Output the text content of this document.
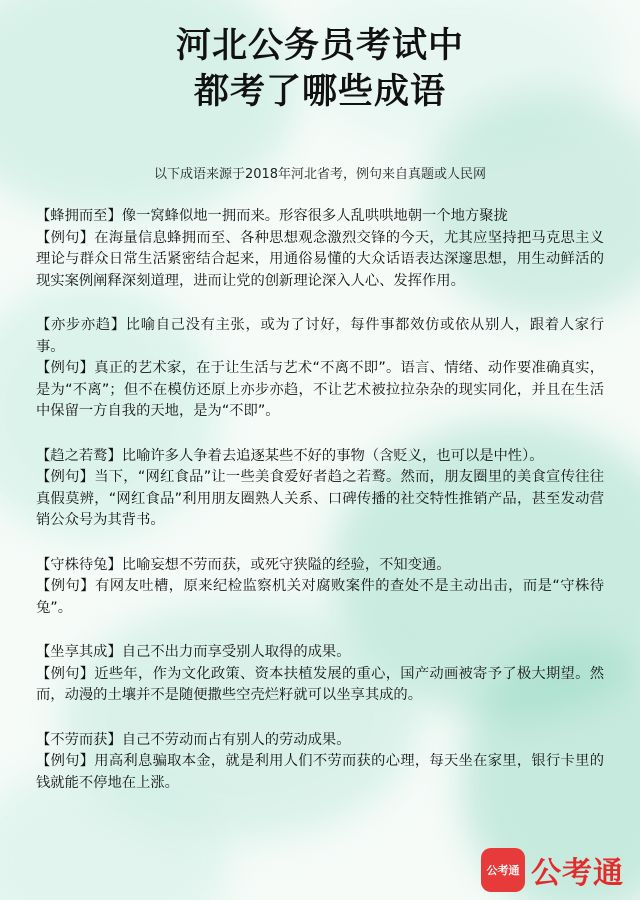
河北公务员考试中
都考了哪些成语
以下成语来源于2018年河北省考，例句来自真题或人民网
【蜂拥而至】像一窝蜂似地一拥而来。形容很多人乱哄哄地朝一个地方聚拢
【例句】在海量信息蜂拥而至、各种思想观念激烈交锋的今天，尤其应坚持把马克思主义理论与群众日常生活紧密结合起来，用通俗易懂的大众话语表达深邃思想，用生动鲜活的现实案例阐释深刻道理，进而让党的创新理论深入人心、发挥作用。
【亦步亦趋】比喻自己没有主张，或为了讨好，每件事都效仿或依从别人，跟着人家行事。
【例句】真正的艺术家，在于让生活与艺术“不离不即”。语言、情绪、动作要准确真实，是为“不离”；但不在模仿还原上亦步亦趋，不让艺术被拉拉杂杂的现实同化，并且在生活中保留一方自我的天地，是为“不即”。
【趋之若鹜】比喻许多人争着去追逐某些不好的事物（含贬义，也可以是中性）。
【例句】当下，“网红食品”让一些美食爱好者趋之若鹜。然而，朋友圈里的美食宣传往往真假莫辨，“网红食品”利用朋友圈熟人关系、口碑传播的社交特性推销产品，甚至发动营销公众号为其背书。
【守株待兔】比喻妄想不劳而获，或死守狭隘的经验，不知变通。
【例句】有网友吐槽，原来纪检监察机关对腐败案件的查处不是主动出击，而是“守株待兔”。
【坐享其成】自己不出力而享受别人取得的成果。
【例句】近些年，作为文化政策、资本扶植发展的重心，国产动画被寄予了极大期望。然而，动漫的土壤并不是随便撒些空壳烂籽就可以坐享其成的。
【不劳而获】自己不劳动而占有别人的劳动成果。
【例句】用高利息骗取本金，就是利用人们不劳而获的心理，每天坐在家里，银行卡里的钱就能不停地在上涨。
公考通 公考通
